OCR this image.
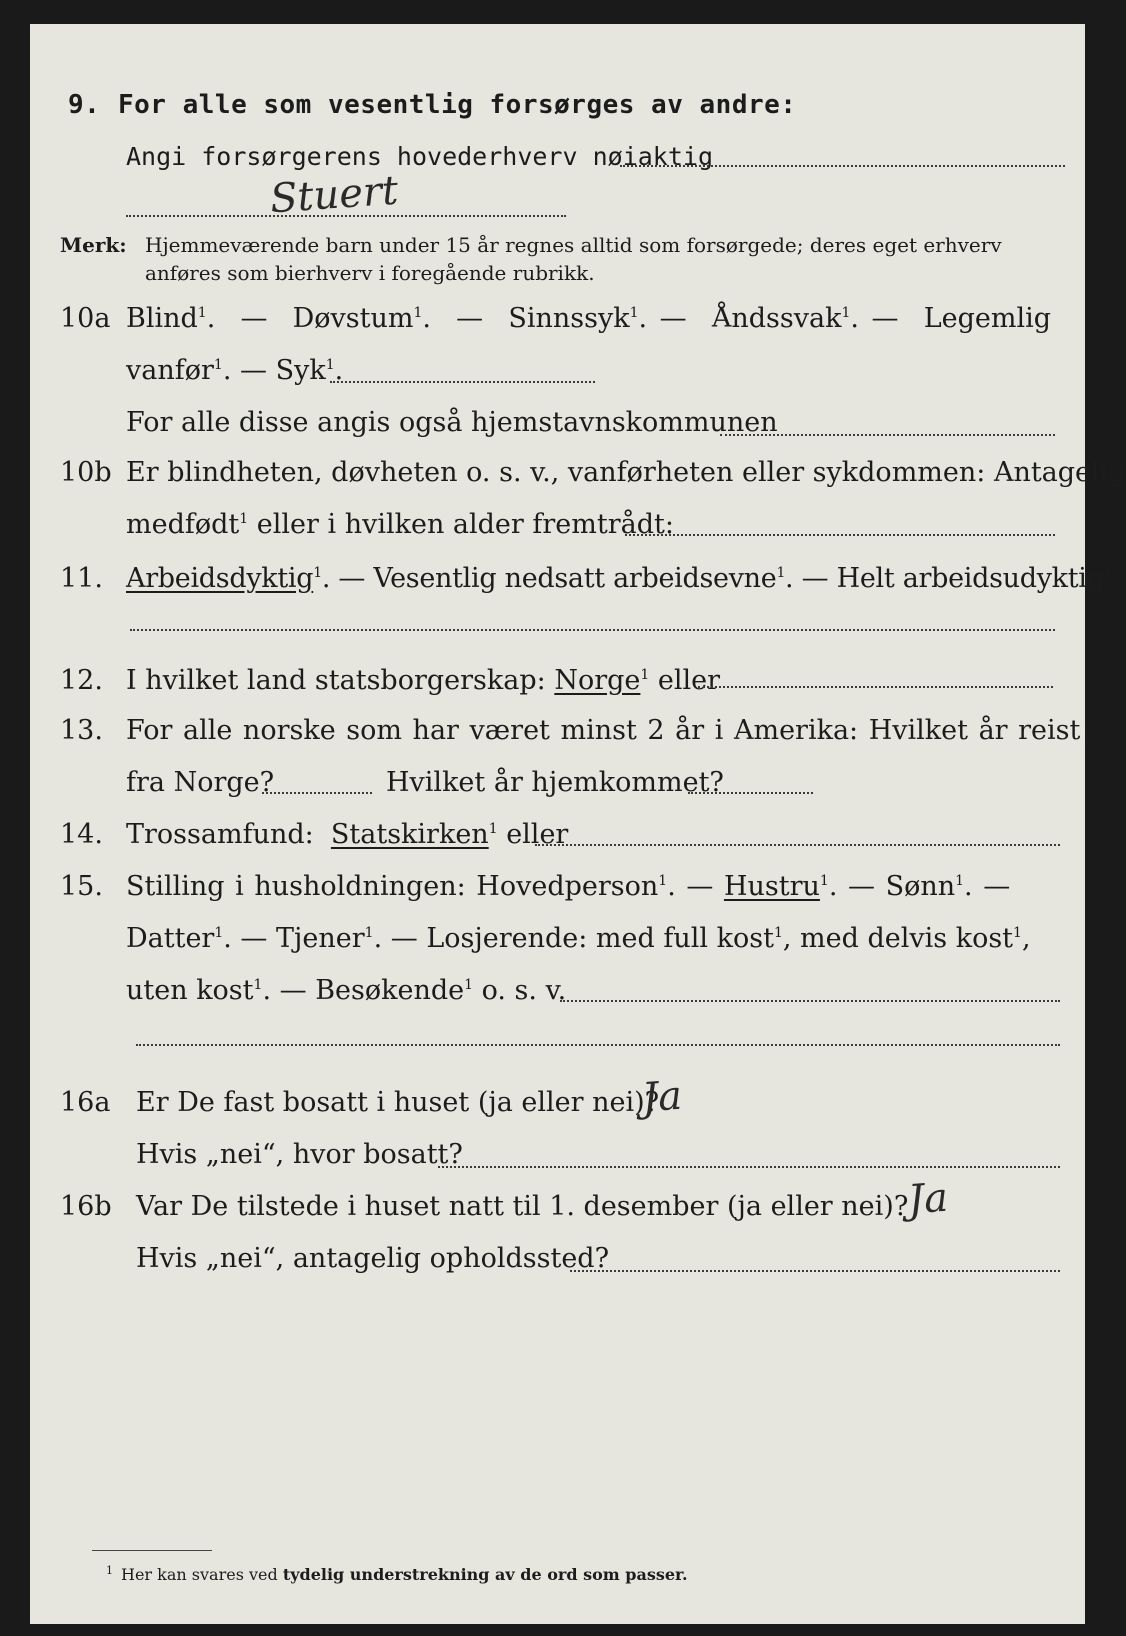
9. For alle som vesentlig forsørges av andre:
Angi forsørgerens hovederhverv nøiaktig
Stuert
Merk: Hjemmeværende barn under 15 år regnes alltid som forsørgede; deres eget erhverv
anføres som bierhverv i foregående rubrikk.
10a Blind$^1$.  —  Døvstum$^1$.  —  Sinnssyk$^1$. —  Åndssvak$^1$. —  Legemlig
vanfør$^1$. — Syk$^1$.
For alle disse angis også hjemstavnskommunen
10b Er blindheten, døvheten o. s. v., vanførheten eller sykdommen: Antagelig
medfødt$^1$ eller i hvilken alder fremtrådt:
11. Arbeidsdyktig$^1$. — Vesentlig nedsatt arbeidsevne$^1$. — Helt arbeidsudyktig$^1$.
12. I hvilket land statsborgerskap: Norge$^1$ eller
13. For alle norske som har været minst 2 år i Amerika: Hvilket år reist
fra Norge?	Hvilket år hjemkommet?
14. Trossamfund: Statskirken$^1$ eller
15. Stilling i husholdningen: Hovedperson$^1$. — Hustru$^1$. — Sønn$^1$. —
Datter$^1$. — Tjener$^1$. — Losjerende: med full kost$^1$, med delvis kost$^1$,
uten kost$^1$. — Besøkende$^1$ o. s. v.
16a Er De fast bosatt i huset (ja eller nei)?
Ja
Hvis „nei“, hvor bosatt?
16b Var De tilstede i huset natt til 1. desember (ja eller nei)?
Ja
Hvis „nei“, antagelig opholdssted?
$^1$ Her kan svares ved tydelig understrekning av de ord som passer.
